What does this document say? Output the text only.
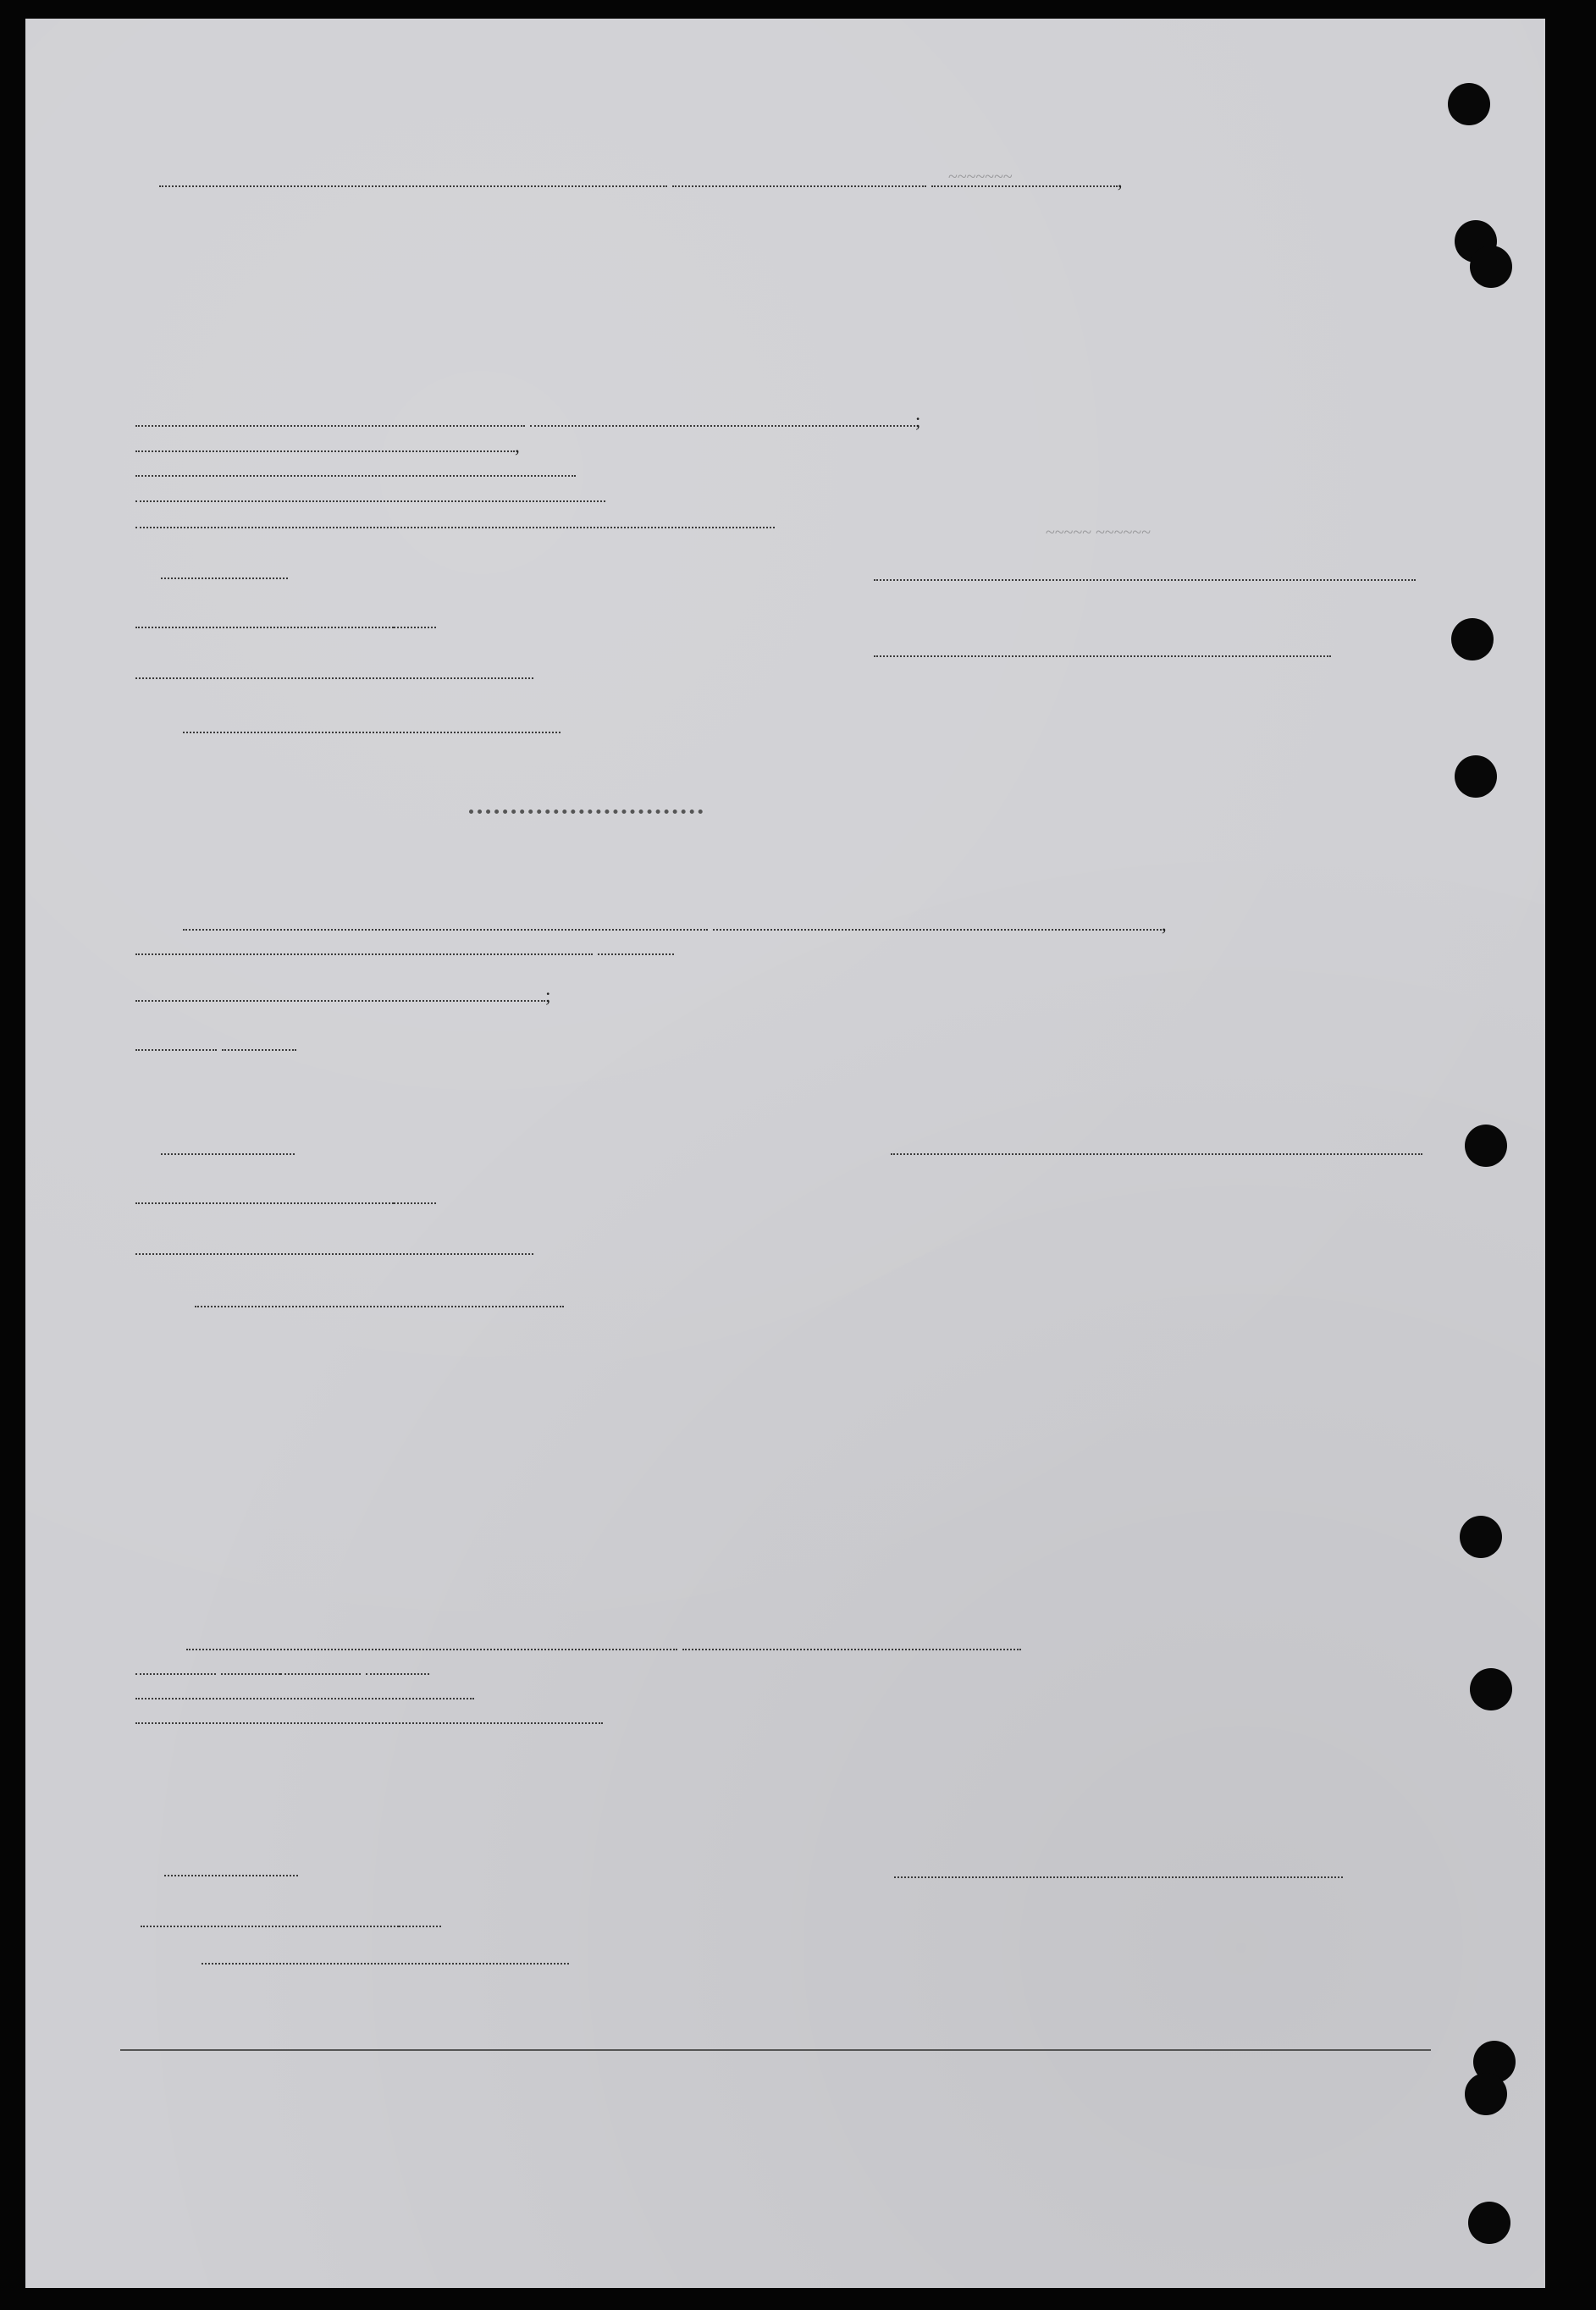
,
~~~~~~~
;
,
~~~~~ ~~~~~~
,

;
